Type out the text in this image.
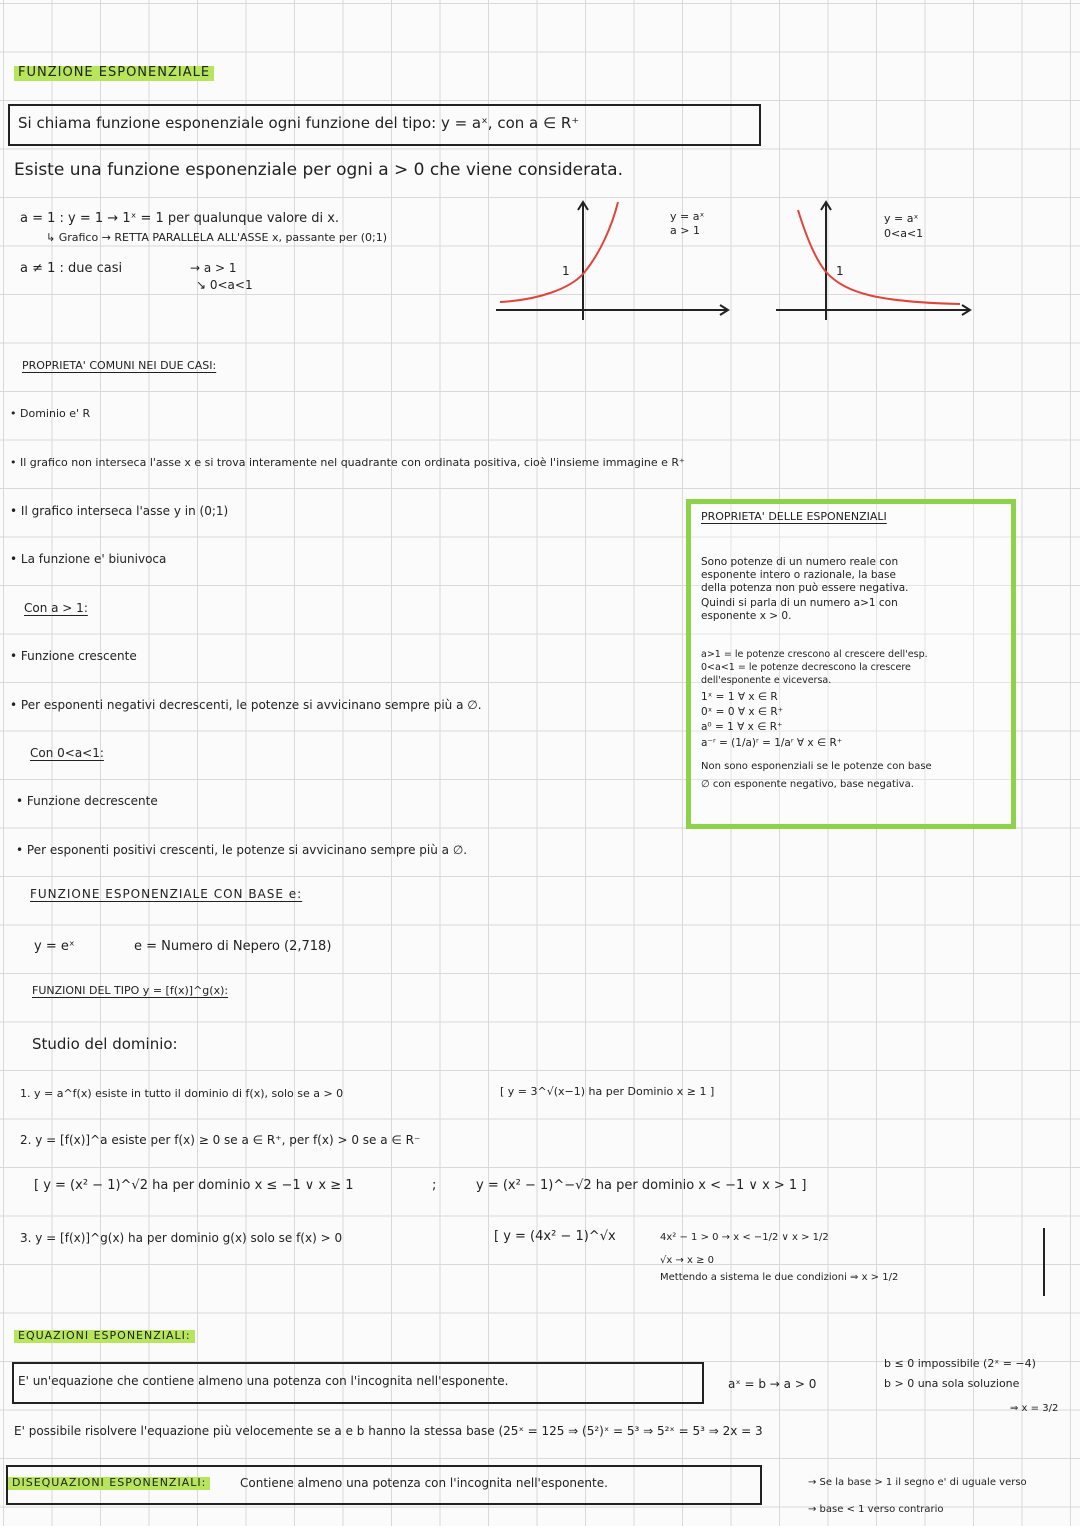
FUNZIONE ESPONENZIALE
Si chiama funzione esponenziale ogni funzione del tipo: y = aˣ, con a ∈ R⁺
Esiste una funzione esponenziale per ogni a > 0 che viene considerata.
a = 1 : y = 1 → 1ˣ = 1 per qualunque valore di x.
↳ Grafico → RETTA PARALLELA ALL'ASSE x, passante per (0;1)
a ≠ 1 : due casi	→ a > 1
↘ 0<a<1
1
y = aˣ
a > 1
1
y = aˣ
0<a<1
PROPRIETA' COMUNI NEI DUE CASI:
• Dominio e' R
• Il grafico non interseca l'asse x e si trova interamente nel quadrante con ordinata positiva, cioè l'insieme immagine e R⁺
• Il grafico interseca l'asse y in (0;1)
• La funzione e' biunivoca
Con a > 1:
• Funzione crescente
• Per esponenti negativi decrescenti, le potenze si avvicinano sempre più a ∅.
Con 0<a<1:
• Funzione decrescente
• Per esponenti positivi crescenti, le potenze si avvicinano sempre più a ∅.
PROPRIETA' DELLE ESPONENZIALI
Sono potenze di un numero reale con
esponente intero o razionale, la base
della potenza non può essere negativa.
Quindi si parla di un numero a>1 con
esponente x > 0.
a>1 = le potenze crescono al crescere dell'esp.
0<a<1 = le potenze decrescono la crescere
dell'esponente e viceversa.
1ˣ = 1 ∀ x ∈ R
0ˣ = 0 ∀ x ∈ R⁺
a⁰ = 1 ∀ x ∈ R⁺
a⁻ʳ = (1/a)ʳ = 1/aʳ ∀ x ∈ R⁺
Non sono esponenziali se le potenze con base
∅ con esponente negativo, base negativa.
FUNZIONE ESPONENZIALE CON BASE e:
y = eˣ	e = Numero di Nepero (2,718)
FUNZIONI DEL TIPO y = [f(x)]^g(x):
Studio del dominio:
1. y = a^f(x) esiste in tutto il dominio di f(x), solo se a > 0	[ y = 3^√(x−1) ha per Dominio x ≥ 1 ]
2. y = [f(x)]^a esiste per f(x) ≥ 0 se a ∈ R⁺, per f(x) > 0 se a ∈ R⁻
[ y = (x² − 1)^√2 ha per dominio x ≤ −1 ∨ x ≥ 1	;	y = (x² − 1)^−√2 ha per dominio x < −1 ∨ x > 1 ]
3. y = [f(x)]^g(x) ha per dominio g(x) solo se f(x) > 0	[ y = (4x² − 1)^√x	4x² − 1 > 0 → x < −1/2 ∨ x > 1/2
√x → x ≥ 0
Mettendo a sistema le due condizioni ⇒ x > 1/2
EQUAZIONI ESPONENZIALI:
E' un'equazione che contiene almeno una potenza con l'incognita nell'esponente.	aˣ = b → a > 0
b ≤ 0 impossibile (2ˣ = −4)
b > 0 una sola soluzione
⇒ x = 3/2
E' possibile risolvere l'equazione più velocemente se a e b hanno la stessa base (25ˣ = 125 ⇒ (5²)ˣ = 5³ ⇒ 5²ˣ = 5³ ⇒ 2x = 3
DISEQUAZIONI ESPONENZIALI:	Contiene almeno una potenza con l'incognita nell'esponente.	→ Se la base > 1 il segno e' di uguale verso
→ base < 1 verso contrario
